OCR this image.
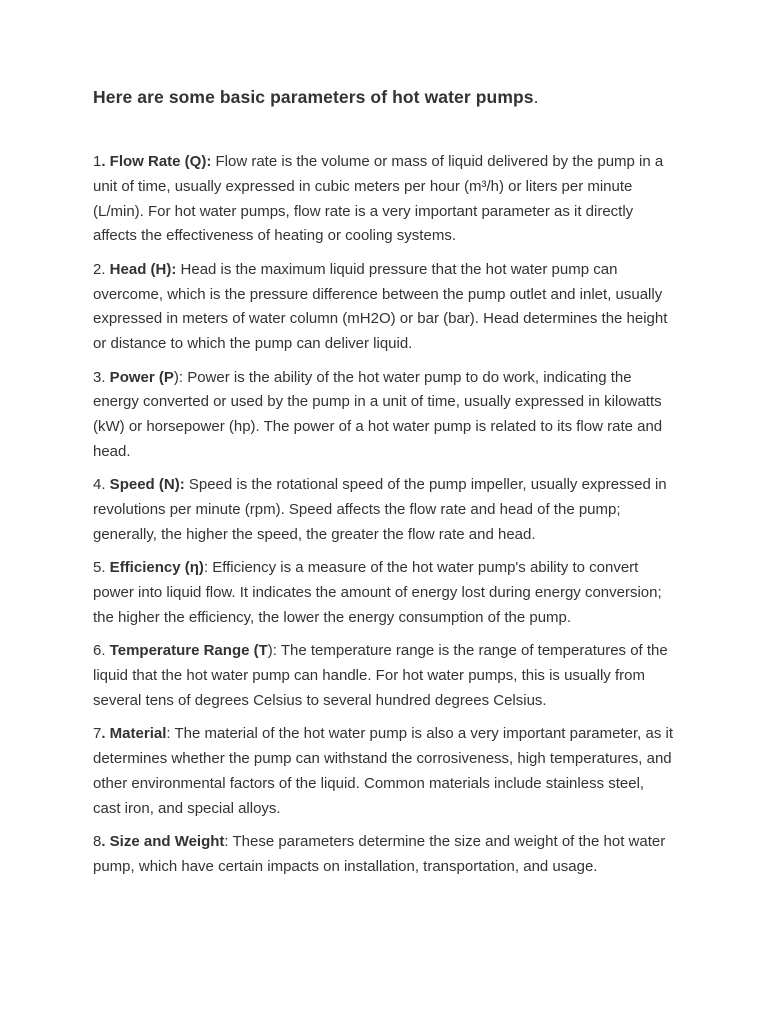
Here are some basic parameters of hot water pumps.

1. Flow Rate (Q): Flow rate is the volume or mass of liquid delivered by the pump in a unit of time, usually expressed in cubic meters per hour (m³/h) or liters per minute (L/min). For hot water pumps, flow rate is a very important parameter as it directly affects the effectiveness of heating or cooling systems.

2. Head (H): Head is the maximum liquid pressure that the hot water pump can overcome, which is the pressure difference between the pump outlet and inlet, usually expressed in meters of water column (mH2O) or bar (bar). Head determines the height or distance to which the pump can deliver liquid.

3. Power (P): Power is the ability of the hot water pump to do work, indicating the energy converted or used by the pump in a unit of time, usually expressed in kilowatts (kW) or horsepower (hp). The power of a hot water pump is related to its flow rate and head.

4. Speed (N): Speed is the rotational speed of the pump impeller, usually expressed in revolutions per minute (rpm). Speed affects the flow rate and head of the pump; generally, the higher the speed, the greater the flow rate and head.

5. Efficiency (η): Efficiency is a measure of the hot water pump's ability to convert power into liquid flow. It indicates the amount of energy lost during energy conversion; the higher the efficiency, the lower the energy consumption of the pump.

6. Temperature Range (T): The temperature range is the range of temperatures of the liquid that the hot water pump can handle. For hot water pumps, this is usually from several tens of degrees Celsius to several hundred degrees Celsius.

7. Material: The material of the hot water pump is also a very important parameter, as it determines whether the pump can withstand the corrosiveness, high temperatures, and other environmental factors of the liquid. Common materials include stainless steel, cast iron, and special alloys.

8. Size and Weight: These parameters determine the size and weight of the hot water pump, which have certain impacts on installation, transportation, and usage.
